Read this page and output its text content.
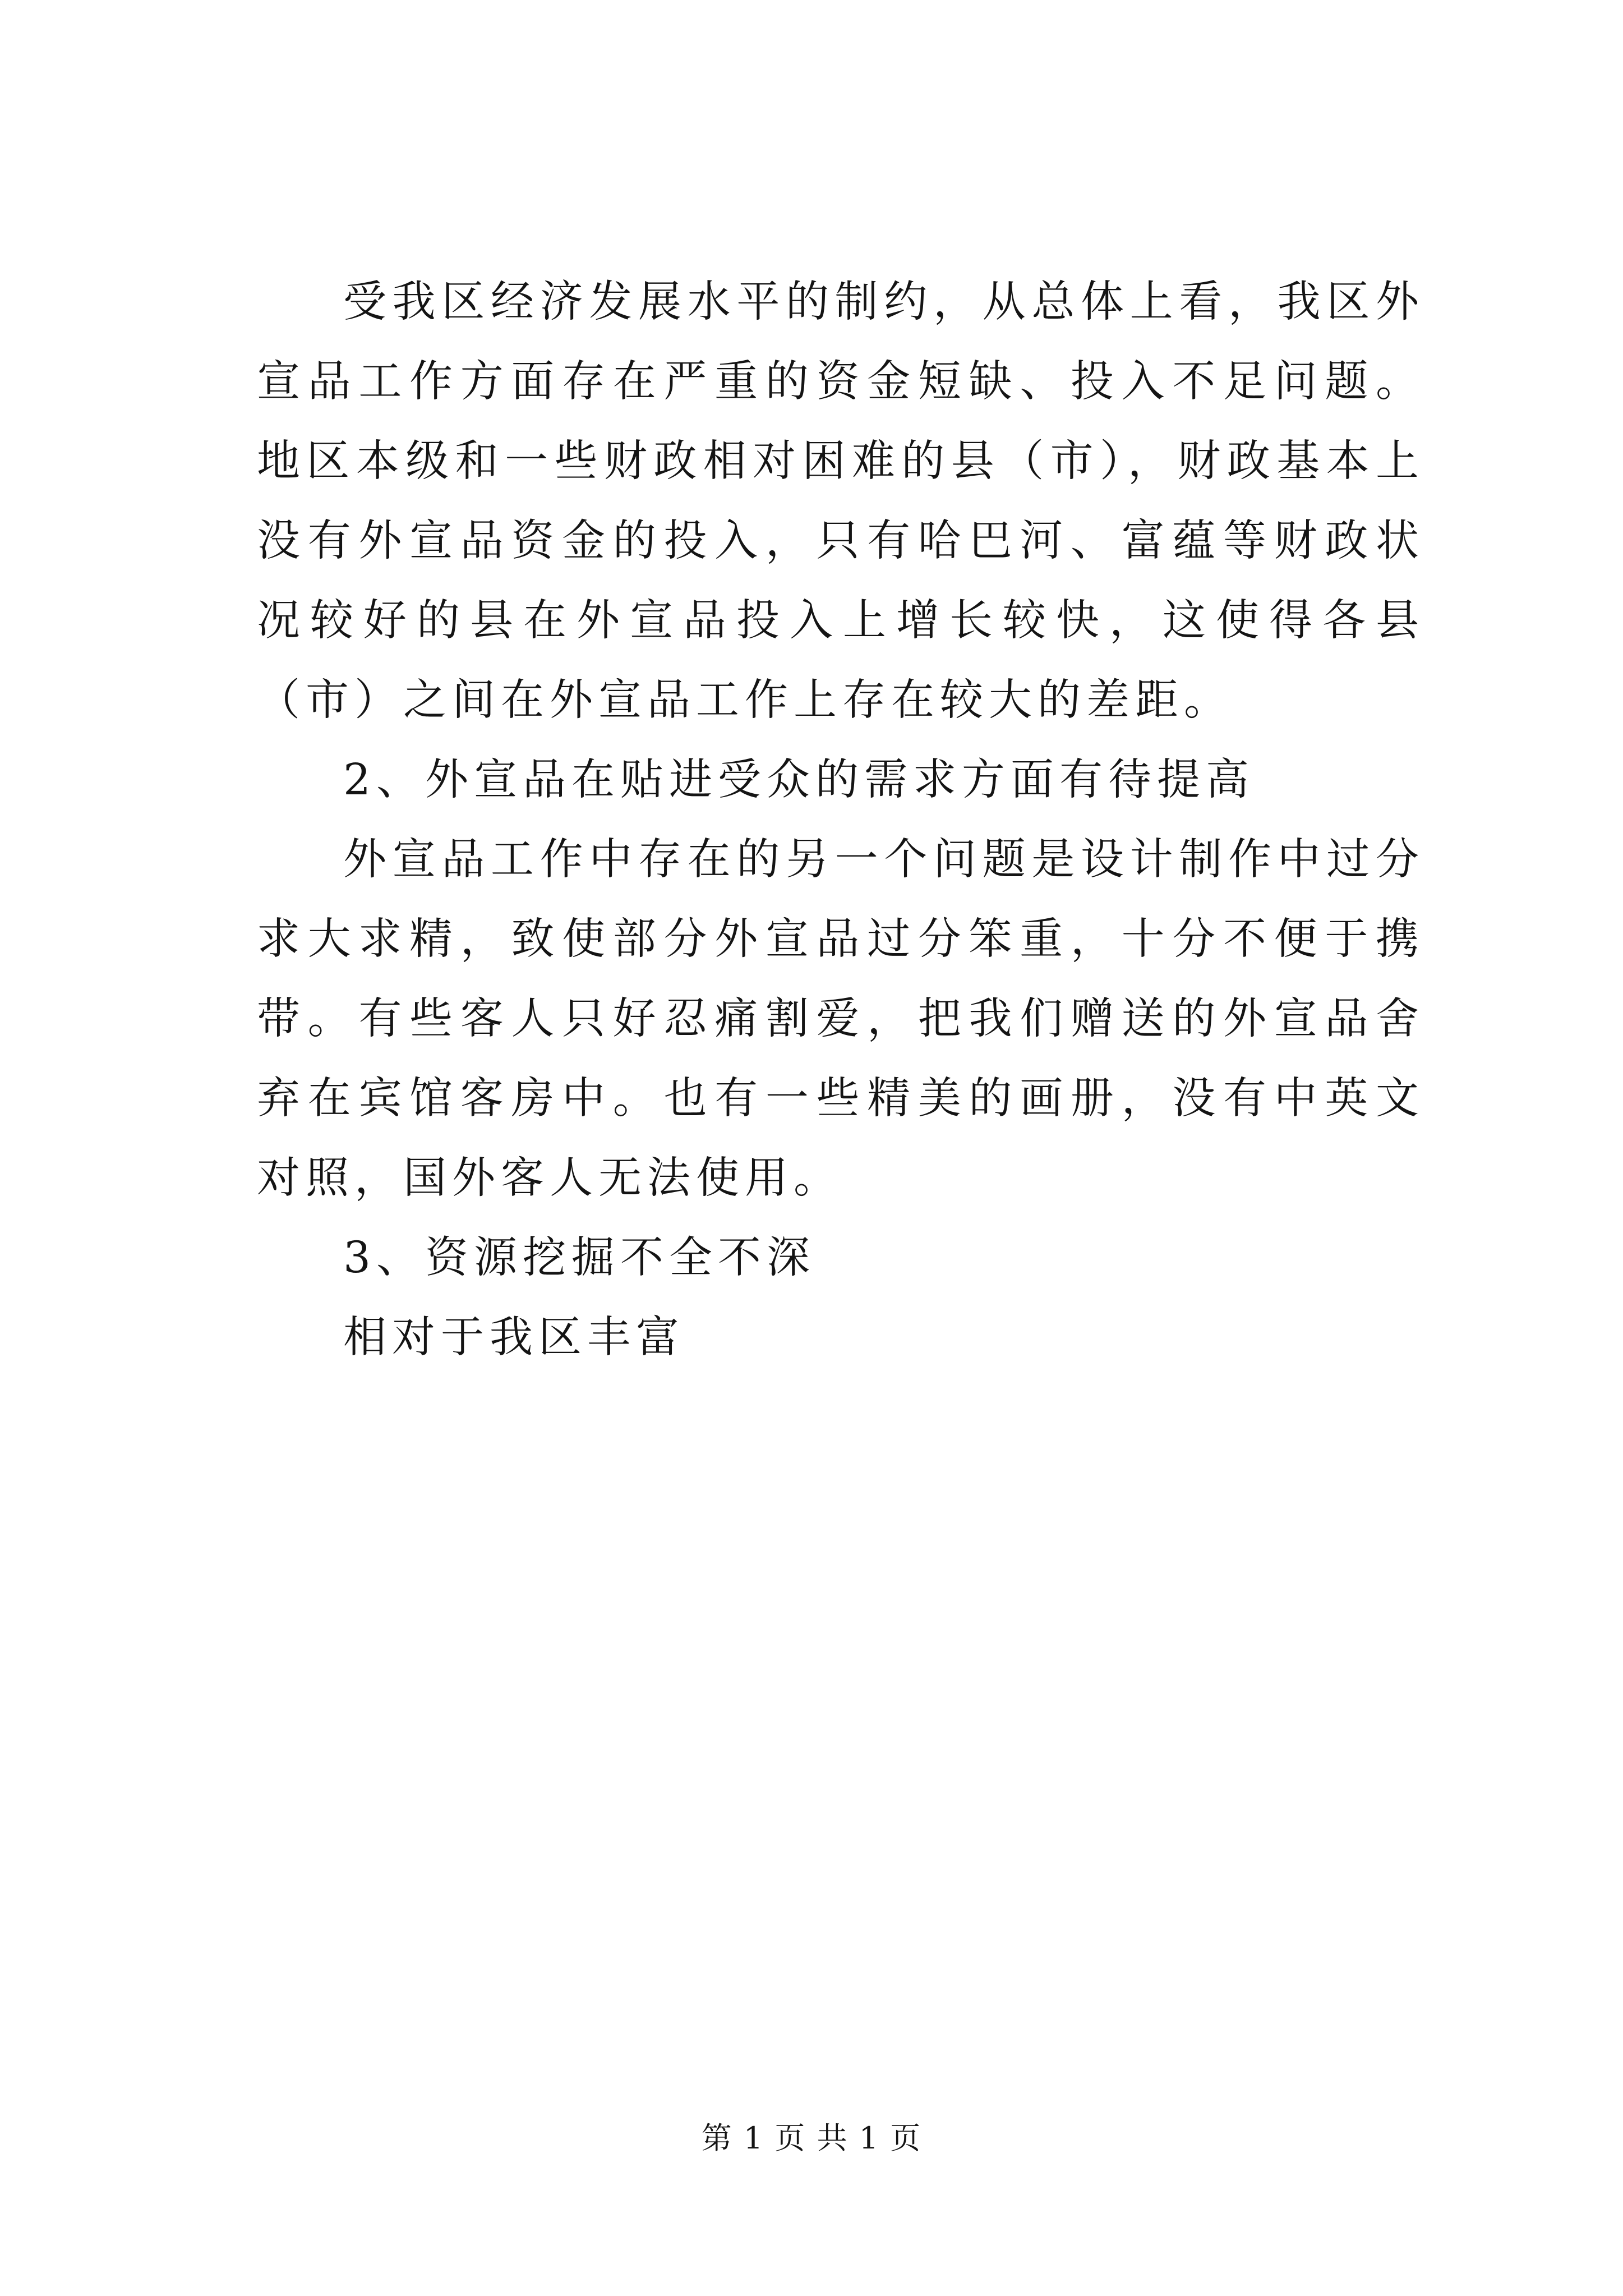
受我区经济发展水平的制约，从总体上看，我区外宣品工作方面存在严重的资金短缺、投入不足问题。地区本级和一些财政相对困难的县（市），财政基本上没有外宣品资金的投入，只有哈巴河、富蕴等财政状况较好的县在外宣品投入上增长较快，这使得各县（市）之间在外宣品工作上存在较大的差距。

2、外宣品在贴进受众的需求方面有待提高

外宣品工作中存在的另一个问题是设计制作中过分求大求精，致使部分外宣品过分笨重，十分不便于携带。有些客人只好忍痛割爱，把我们赠送的外宣品舍弃在宾馆客房中。也有一些精美的画册，没有中英文对照，国外客人无法使用。

3、资源挖掘不全不深

相对于我区丰富

第 1 页 共 1 页
